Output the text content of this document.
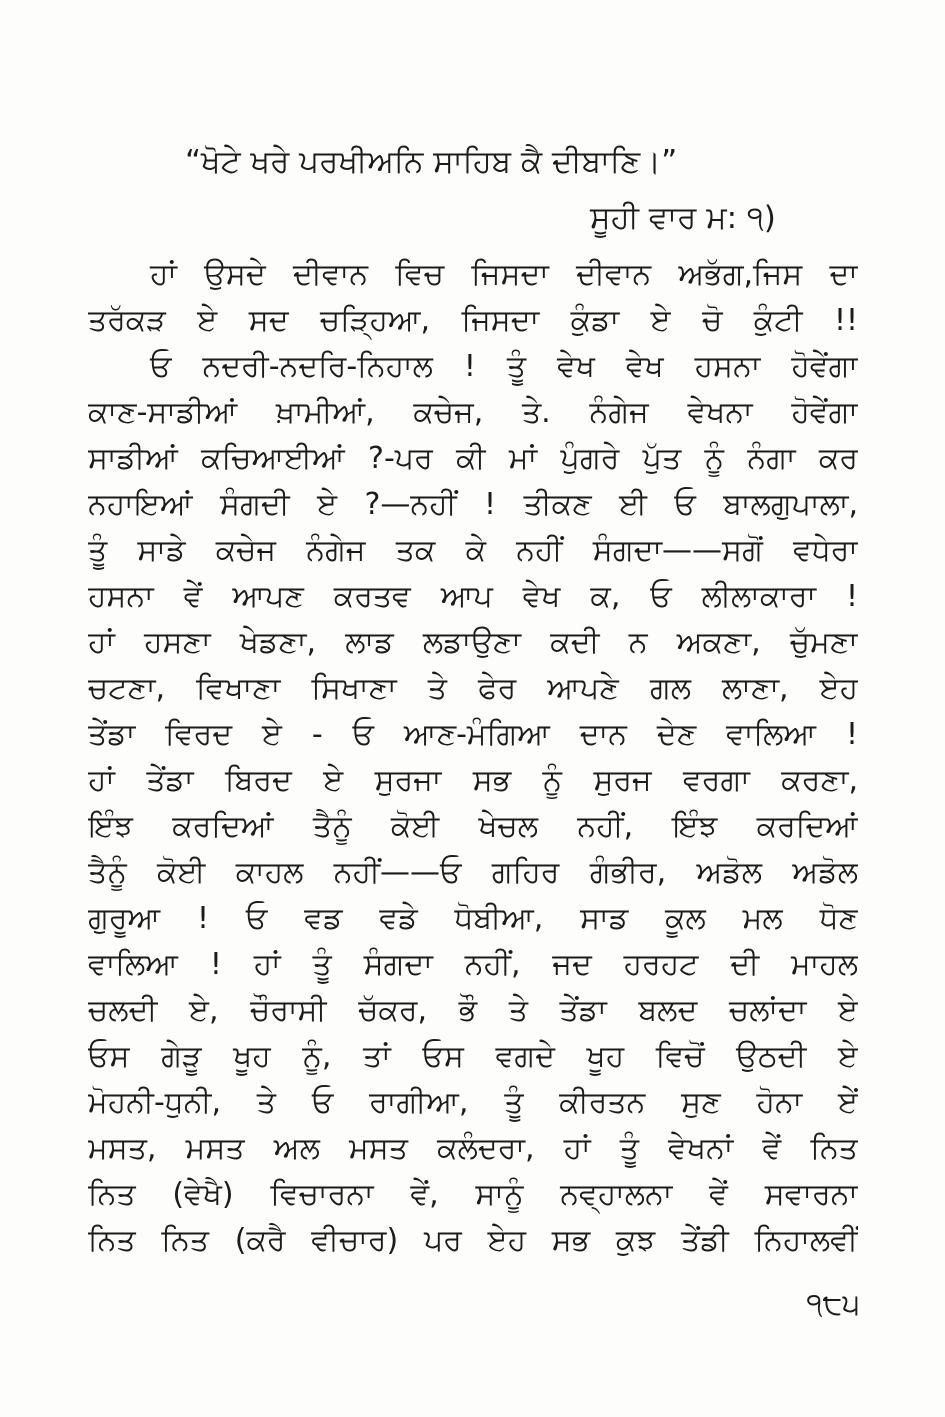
“ਖੋਟੇ ਖਰੇ ਪਰਖੀਅਨਿ ਸਾਹਿਬ ਕੈ ਦੀਬਾਣਿ।”
ਸੂਹੀ ਵਾਰ ਮ: ੧)
ਹਾਂ ਉਸਦੇ ਦੀਵਾਨ ਵਿਚ ਜਿਸਦਾ ਦੀਵਾਨ ਅਭੱਗ,ਜਿਸ ਦਾ
ਤਰੱਕੜ ਏ ਸਦ ਚੜ੍ਹਿਆ, ਜਿਸਦਾ ਕੁੰਡਾ ਏ ਚੋ ਕੁੰਟੀ !!
ਓ ਨਦਰੀ-ਨਦਰਿ-ਨਿਹਾਲ ! ਤੂੰ ਵੇਖ ਵੇਖ ਹਸਨਾ ਹੋਵੇਂਗਾ
ਕਾਣ-ਸਾਡੀਆਂ ਖ਼ਾਮੀਆਂ, ਕਚੇਜ, ਤੇ. ਨੰਗੇਜ ਵੇਖਨਾ ਹੋਵੇਂਗਾ
ਸਾਡੀਆਂ ਕਚਿਆਈਆਂ ?-ਪਰ ਕੀ ਮਾਂ ਪੁੰਗਰੇ ਪੁੱਤ ਨੂੰ ਨੰਗਾ ਕਰ
ਨਹਾਇਆਂ ਸੰਗਦੀ ਏ ?—ਨਹੀਂ ! ਤੀਕਣ ਈ ਓ ਬਾਲਗੁਪਾਲਾ,
ਤੂੰ ਸਾਡੇ ਕਚੇਜ ਨੰਗੇਜ ਤਕ ਕੇ ਨਹੀਂ ਸੰਗਦਾ——ਸਗੋਂ ਵਧੇਰਾ
ਹਸਨਾ ਵੇਂ ਆਪਣ ਕਰਤਵ ਆਪ ਵੇਖ ਕ, ਓ ਲੀਲਾਕਾਰਾ !
ਹਾਂ ਹਸਣਾ ਖੇਡਣਾ, ਲਾਡ ਲਡਾਉਣਾ ਕਦੀ ਨ ਅਕਣਾ, ਚੁੱਮਣਾ
ਚਟਣਾ, ਵਿਖਾਣਾ ਸਿਖਾਣਾ ਤੇ ਫੇਰ ਆਪਣੇ ਗਲ ਲਾਣਾ, ਏਹ
ਤੇਂਡਾ ਵਿਰਦ ਏ - ਓ ਆਣ-ਮੰਗਿਆ ਦਾਨ ਦੇਣ ਵਾਲਿਆ !
ਹਾਂ ਤੇਂਡਾ ਬਿਰਦ ਏ ਸੁਰਜਾ ਸਭ ਨੂੰ ਸੁਰਜ ਵਰਗਾ ਕਰਣਾ,
ਇੰਝ ਕਰਦਿਆਂ ਤੈਨੂੰ ਕੋਈ ਖੇਚਲ ਨਹੀਂ, ਇੰਝ ਕਰਦਿਆਂ
ਤੈਨੂੰ ਕੋਈ ਕਾਹਲ ਨਹੀਂ——ਓ ਗਹਿਰ ਗੰਭੀਰ, ਅਡੋਲ ਅਡੋਲ
ਗੁਰੂਆ ! ਓ ਵਡ ਵਡੇ ਧੋਬੀਆ, ਸਾਡ ਕੂਲ ਮਲ ਧੋਣ
ਵਾਲਿਆ ! ਹਾਂ ਤੂੰ ਸੰਗਦਾ ਨਹੀਂ, ਜਦ ਹਰਹਟ ਦੀ ਮਾਹਲ
ਚਲਦੀ ਏ, ਚੌਰਾਸੀ ਚੱਕਰ, ਭੌ ਤੇ ਤੇਂਡਾ ਬਲਦ ਚਲਾਂਦਾ ਏ
ਓਸ ਗੇੜੂ ਖੂਹ ਨੂੰ, ਤਾਂ ਓਸ ਵਗਦੇ ਖੂਹ ਵਿਚੋਂ ਉਠਦੀ ਏ
ਮੋਹਨੀ-ਧੁਨੀ, ਤੇ ਓ ਰਾਗੀਆ, ਤੂੰ ਕੀਰਤਨ ਸੁਣ ਹੋਨਾ ਏਂ
ਮਸਤ, ਮਸਤ ਅਲ ਮਸਤ ਕਲੰਦਰਾ, ਹਾਂ ਤੂੰ ਵੇਖਨਾਂ ਵੇਂ ਨਿਤ
ਨਿਤ (ਵੇਖੈ) ਵਿਚਾਰਨਾ ਵੇਂ, ਸਾਨੂੰ ਨਵ੍ਹਾਲਨਾ ਵੇਂ ਸਵਾਰਨਾ
ਨਿਤ ਨਿਤ (ਕਰੈ ਵੀਚਾਰ) ਪਰ ਏਹ ਸਭ ਕੁਝ ਤੇਂਡੀ ਨਿਹਾਲਵੀਂ
੧੮੫
